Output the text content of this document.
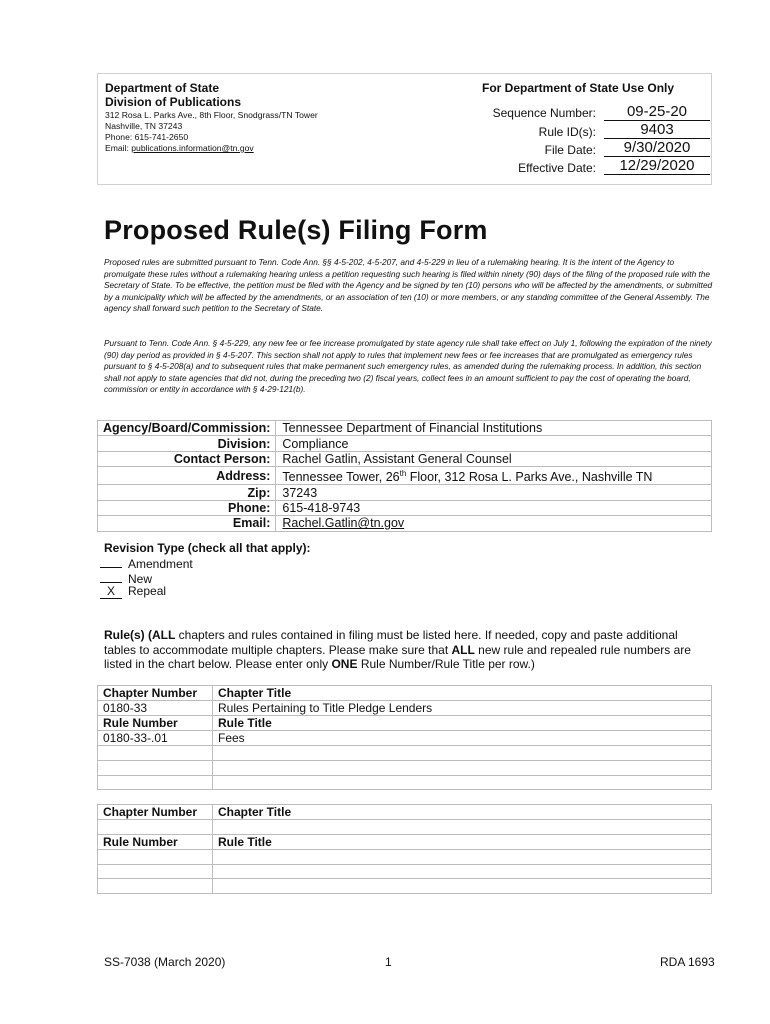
Department of State
Division of Publications
312 Rosa L. Parks Ave., 8th Floor, Snodgrass/TN Tower
Nashville, TN 37243
Phone: 615-741-2650
Email: publications.information@tn.gov
For Department of State Use Only
Sequence Number:	09-25-20
Rule ID(s):	9403
File Date:	9/30/2020
Effective Date:	12/29/2020
Proposed Rule(s) Filing Form
Proposed rules are submitted pursuant to Tenn. Code Ann. §§ 4-5-202, 4-5-207, and 4-5-229 in lieu of a rulemaking hearing. It is the intent of the Agency to promulgate these rules without a rulemaking hearing unless a petition requesting such hearing is filed within ninety (90) days of the filing of the proposed rule with the Secretary of State. To be effective, the petition must be filed with the Agency and be signed by ten (10) persons who will be affected by the amendments, or submitted by a municipality which will be affected by the amendments, or an association of ten (10) or more members, or any standing committee of the General Assembly. The agency shall forward such petition to the Secretary of State.
Pursuant to Tenn. Code Ann. § 4-5-229, any new fee or fee increase promulgated by state agency rule shall take effect on July 1, following the expiration of the ninety (90) day period as provided in § 4-5-207. This section shall not apply to rules that implement new fees or fee increases that are promulgated as emergency rules pursuant to § 4-5-208(a) and to subsequent rules that make permanent such emergency rules, as amended during the rulemaking process. In addition, this section shall not apply to state agencies that did not, during the preceding two (2) fiscal years, collect fees in an amount sufficient to pay the cost of operating the board, commission or entity in accordance with § 4-29-121(b).
Agency/Board/Commission:	Tennessee Department of Financial Institutions
Division:	Compliance
Contact Person:	Rachel Gatlin, Assistant General Counsel
Address:	Tennessee Tower, 26th Floor, 312 Rosa L. Parks Ave., Nashville TN
Zip:	37243
Phone:	615-418-9743
Email:	Rachel.Gatlin@tn.gov
Revision Type (check all that apply):
Amendment
New
X Repeal
Rule(s) (ALL chapters and rules contained in filing must be listed here. If needed, copy and paste additional tables to accommodate multiple chapters. Please make sure that ALL new rule and repealed rule numbers are listed in the chart below. Please enter only ONE Rule Number/Rule Title per row.)
Chapter Number	Chapter Title
0180-33	Rules Pertaining to Title Pledge Lenders
Rule Number	Rule Title
0180-33-.01	Fees

Chapter Number	Chapter Title

Rule Number	Rule Title

SS-7038 (March 2020)	1	RDA 1693
